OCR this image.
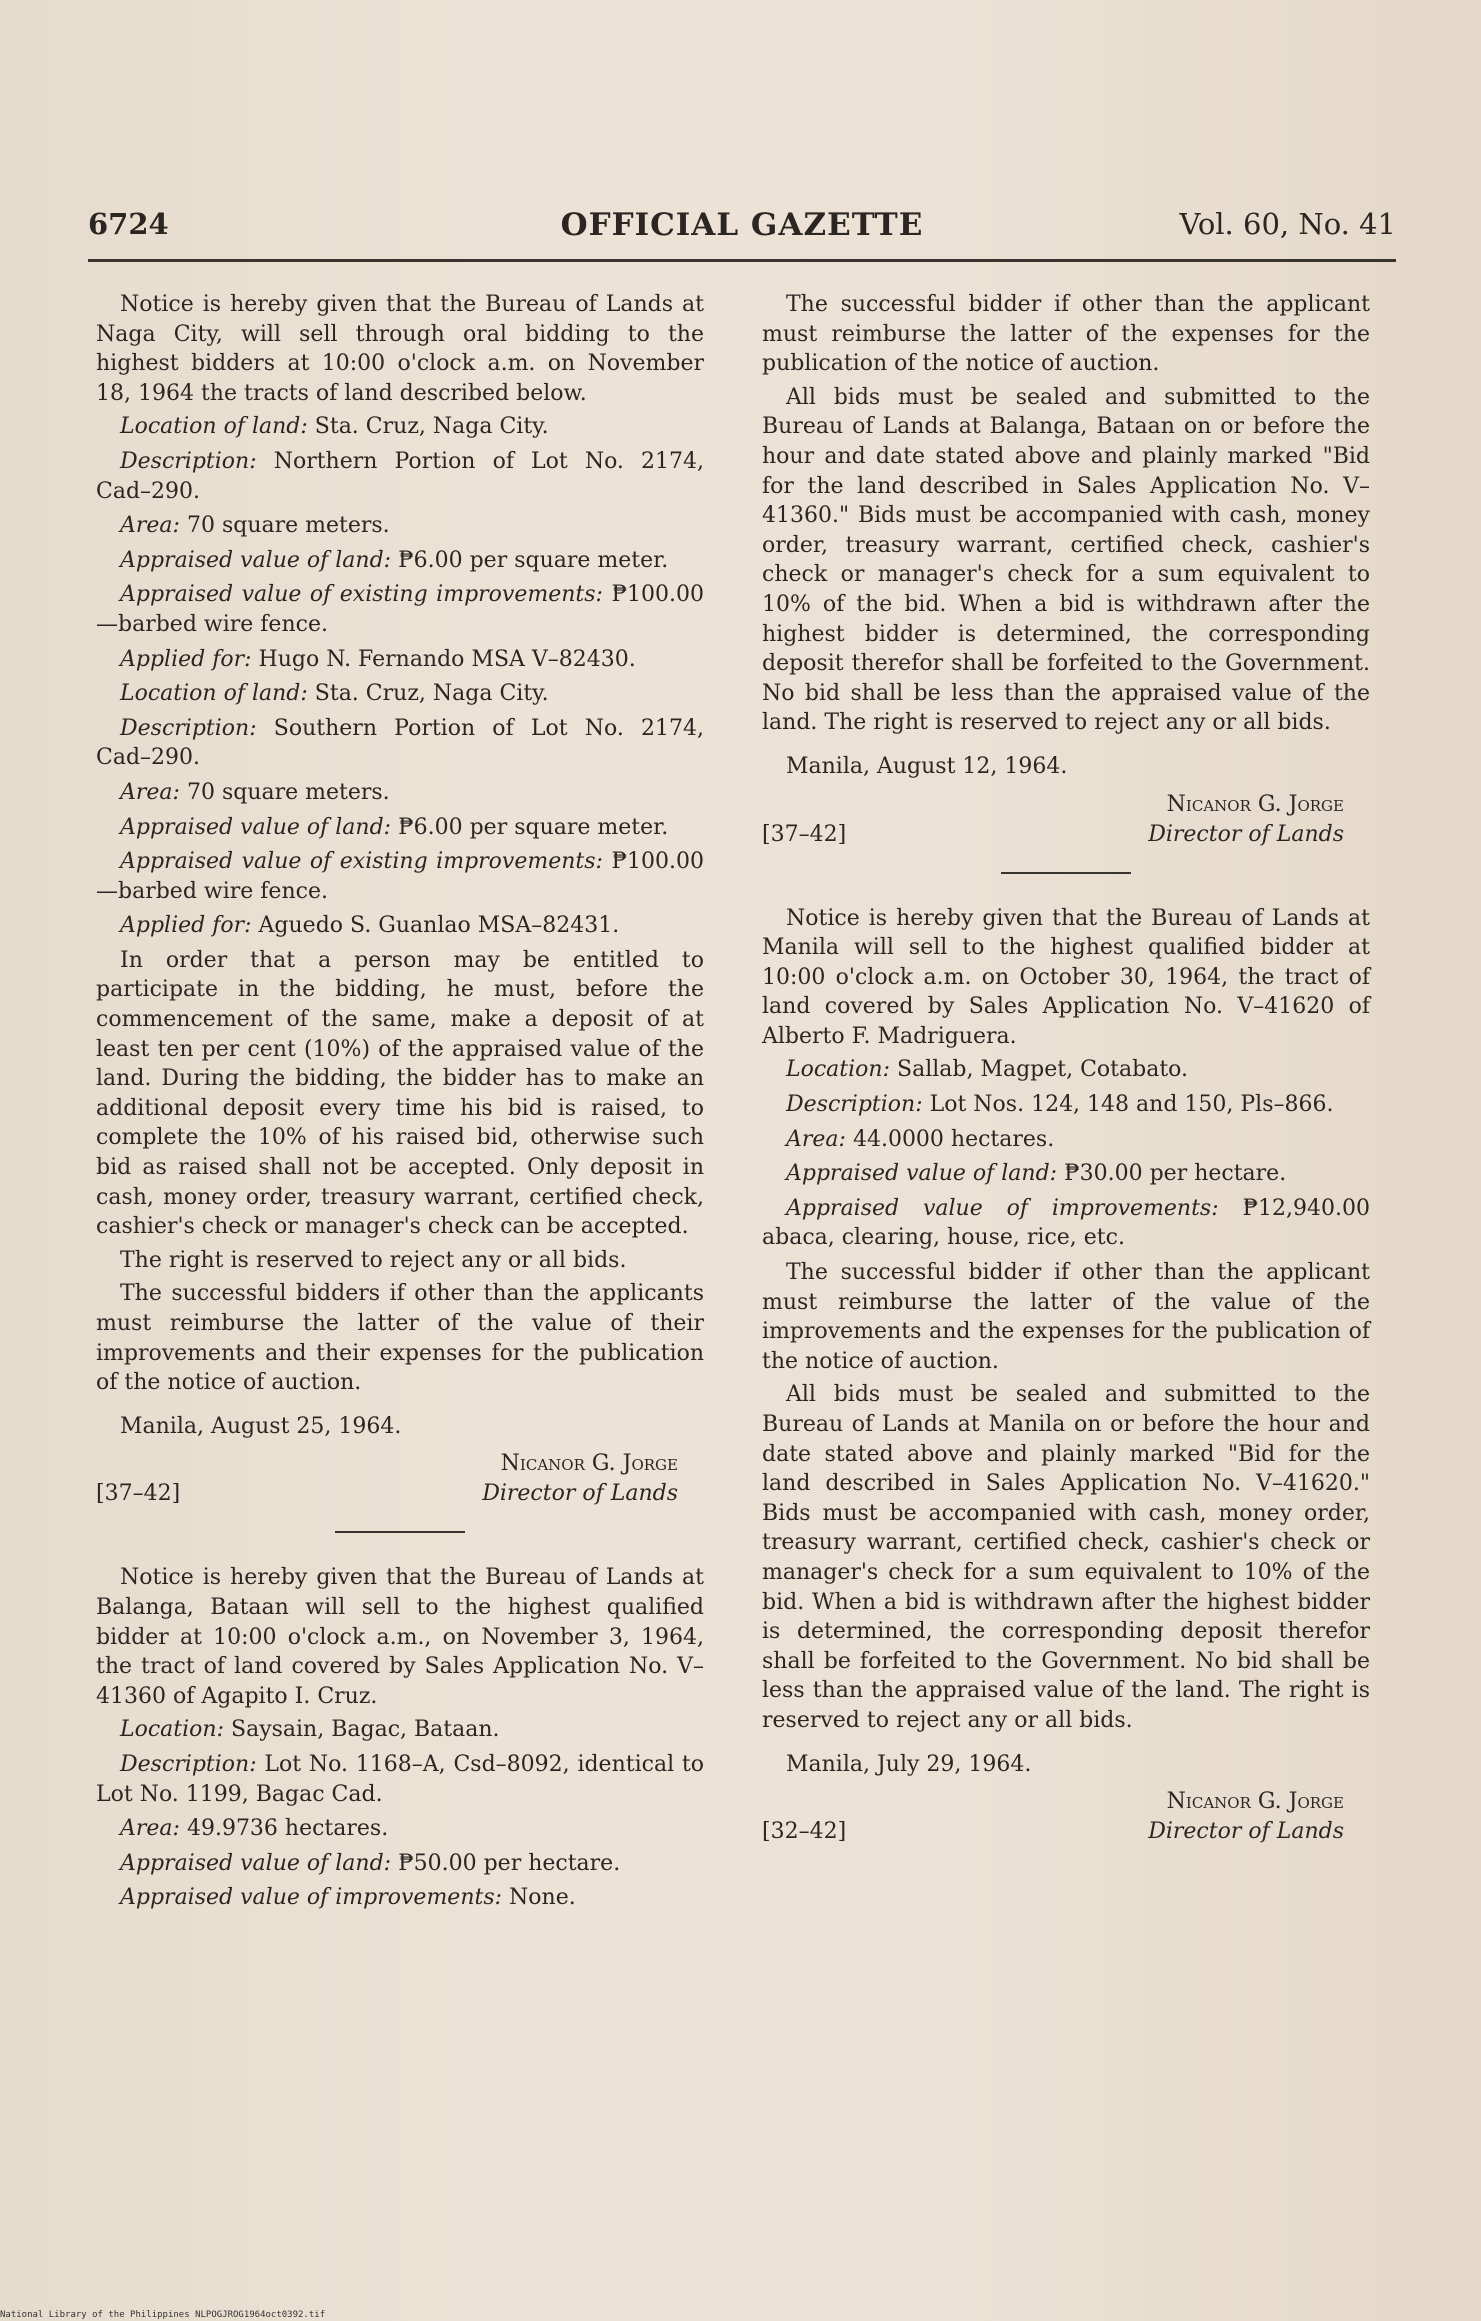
6724	OFFICIAL GAZETTE	Vol. 60, No. 41

Notice is hereby given that the Bureau of Lands at Naga City, will sell through oral bidding to the highest bidders at 10:00 o'clock a.m. on November 18, 1964 the tracts of land described below.

Location of land: Sta. Cruz, Naga City.

Description: Northern Portion of Lot No. 2174, Cad–290.

Area: 70 square meters.

Appraised value of land: ₱6.00 per square meter.

Appraised value of existing improvements: ₱100.00—barbed wire fence.

Applied for: Hugo N. Fernando MSA V–82430.

Location of land: Sta. Cruz, Naga City.

Description: Southern Portion of Lot No. 2174, Cad–290.

Area: 70 square meters.

Appraised value of land: ₱6.00 per square meter.

Appraised value of existing improvements: ₱100.00—barbed wire fence.

Applied for: Aguedo S. Guanlao MSA–82431.

In order that a person may be entitled to participate in the bidding, he must, before the commencement of the same, make a deposit of at least ten per cent (10%) of the appraised value of the land. During the bidding, the bidder has to make an additional deposit every time his bid is raised, to complete the 10% of his raised bid, otherwise such bid as raised shall not be accepted. Only deposit in cash, money order, treasury warrant, certified check, cashier's check or manager's check can be accepted.

The right is reserved to reject any or all bids.

The successful bidders if other than the applicants must reimburse the latter of the value of their improvements and their expenses for the publication of the notice of auction.

Manila, August 25, 1964.

Nicanor G. Jorge
[37–42]	Director of Lands

Notice is hereby given that the Bureau of Lands at Balanga, Bataan will sell to the highest qualified bidder at 10:00 o'clock a.m., on November 3, 1964, the tract of land covered by Sales Application No. V–41360 of Agapito I. Cruz.

Location: Saysain, Bagac, Bataan.

Description: Lot No. 1168–A, Csd–8092, identical to Lot No. 1199, Bagac Cad.

Area: 49.9736 hectares.

Appraised value of land: ₱50.00 per hectare.

Appraised value of improvements: None.

The successful bidder if other than the applicant must reimburse the latter of the expenses for the publication of the notice of auction.

All bids must be sealed and submitted to the Bureau of Lands at Balanga, Bataan on or before the hour and date stated above and plainly marked "Bid for the land described in Sales Application No. V–41360." Bids must be accompanied with cash, money order, treasury warrant, certified check, cashier's check or manager's check for a sum equivalent to 10% of the bid. When a bid is withdrawn after the highest bidder is determined, the corresponding deposit therefor shall be forfeited to the Government. No bid shall be less than the appraised value of the land. The right is reserved to reject any or all bids.

Manila, August 12, 1964.

Nicanor G. Jorge
[37–42]	Director of Lands

Notice is hereby given that the Bureau of Lands at Manila will sell to the highest qualified bidder at 10:00 o'clock a.m. on October 30, 1964, the tract of land covered by Sales Application No. V–41620 of Alberto F. Madriguera.

Location: Sallab, Magpet, Cotabato.

Description: Lot Nos. 124, 148 and 150, Pls–866.

Area: 44.0000 hectares.

Appraised value of land: ₱30.00 per hectare.

Appraised value of improvements: ₱12,940.00 abaca, clearing, house, rice, etc.

The successful bidder if other than the applicant must reimburse the latter of the value of the improvements and the expenses for the publication of the notice of auction.

All bids must be sealed and submitted to the Bureau of Lands at Manila on or before the hour and date stated above and plainly marked "Bid for the land described in Sales Application No. V–41620." Bids must be accompanied with cash, money order, treasury warrant, certified check, cashier's check or manager's check for a sum equivalent to 10% of the bid. When a bid is withdrawn after the highest bidder is determined, the corresponding deposit therefor shall be forfeited to the Government. No bid shall be less than the appraised value of the land. The right is reserved to reject any or all bids.

Manila, July 29, 1964.

Nicanor G. Jorge
[32–42]	Director of Lands
National Library of the Philippines NLPOGJROG1964oct0392.tif
